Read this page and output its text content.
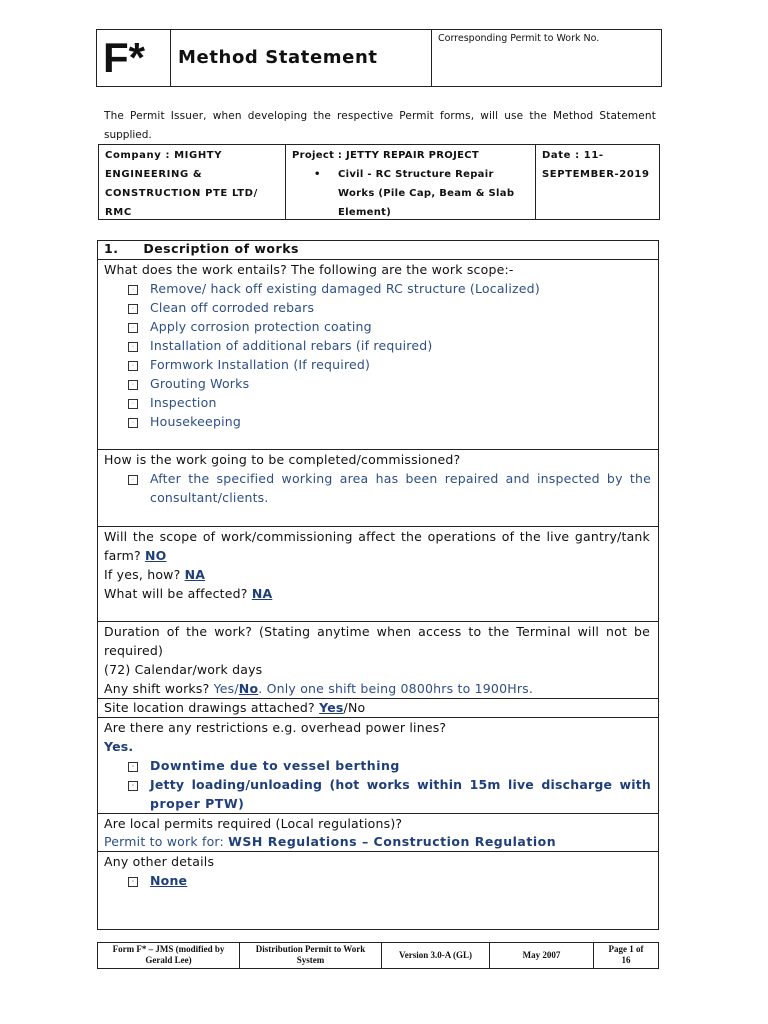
F* Method Statement
Corresponding Permit to Work No.
The Permit Issuer, when developing the respective Permit forms, will use the Method Statement
supplied.
Company : MIGHTY
ENGINEERING &
CONSTRUCTION PTE LTD/
RMC
Project : JETTY REPAIR PROJECT
• Civil - RC Structure Repair
Works (Pile Cap, Beam & Slab
Element)
Date : 11-
SEPTEMBER-2019
1. Description of works
What does the work entails? The following are the work scope:-
◦ Remove/ hack off existing damaged RC structure (Localized)
◦ Clean off corroded rebars
◦ Apply corrosion protection coating
◦ Installation of additional rebars (if required)
◦ Formwork Installation (If required)
◦ Grouting Works
◦ Inspection
◦ Housekeeping
How is the work going to be completed/commissioned?
◦ After the specified working area has been repaired and inspected by the
consultant/clients.
Will the scope of work/commissioning affect the operations of the live gantry/tank
farm? NO
If yes, how? NA
What will be affected? NA
Duration of the work? (Stating anytime when access to the Terminal will not be
required)
(72) Calendar/work days
Any shift works? Yes/No. Only one shift being 0800hrs to 1900Hrs.
Site location drawings attached? Yes/No
Are there any restrictions e.g. overhead power lines?
Yes.
◦ Downtime due to vessel berthing
◦ Jetty loading/unloading (hot works within 15m live discharge with
proper PTW)
Are local permits required (Local regulations)?
Permit to work for: WSH Regulations – Construction Regulation
Any other details
◦ None
Form F* – JMS (modified by
Gerald Lee)
Distribution Permit to Work
System	Version 3.0-A (GL)	May 2007
Page 1 of
16
